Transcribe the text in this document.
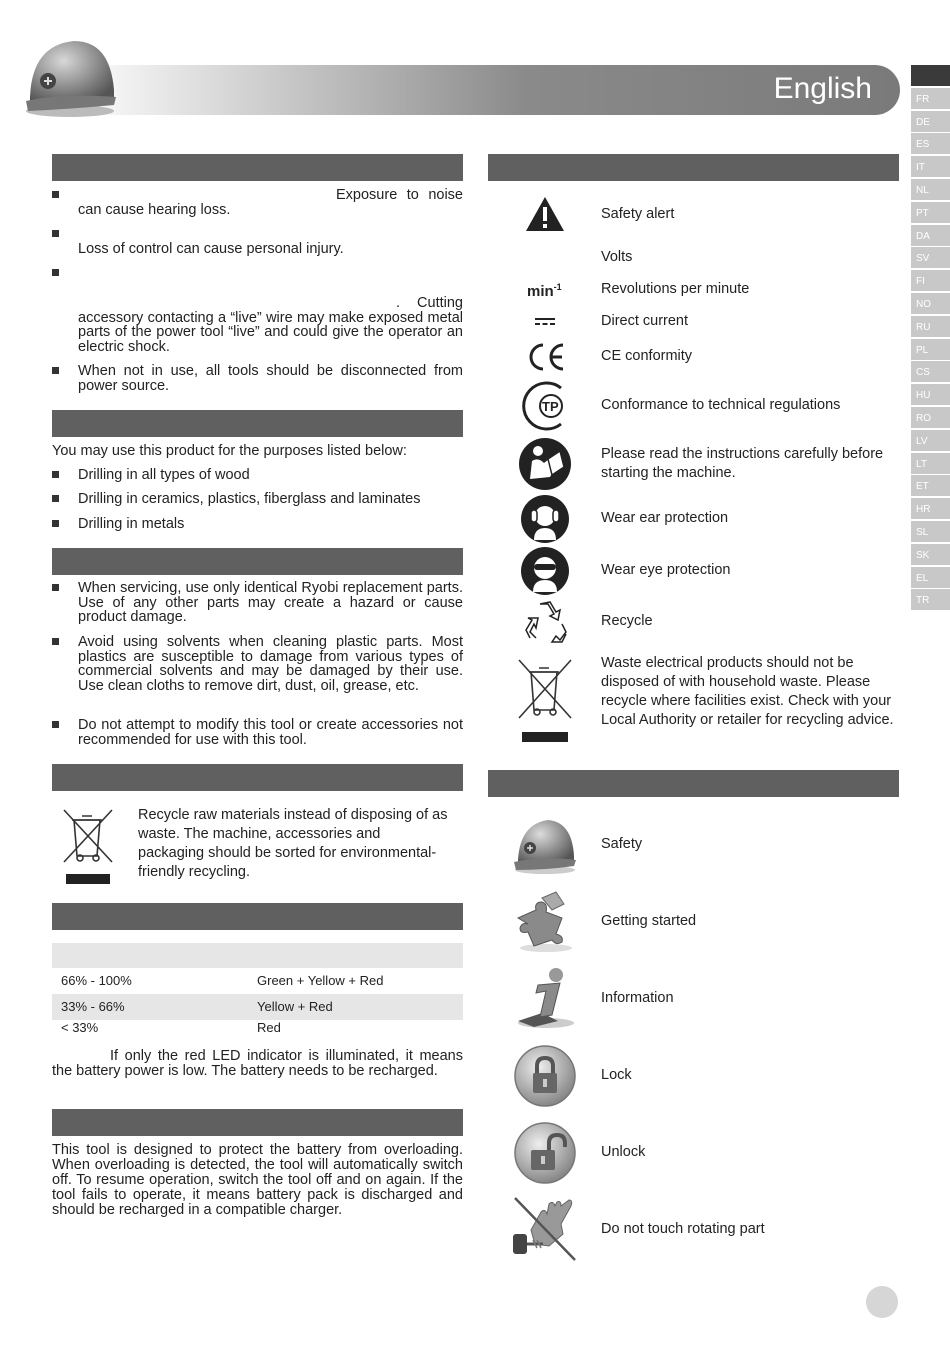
English	FR
DE
ES
IT
NL
PT
DA
SV
FI
NO
RU
PL
CS
HU
RO
LV
LT
ET
HR
SL
SK
EL
TR
Exposure to noise can cause hearing loss.
Loss of control can cause personal injury.
. Cutting accessory contacting a “live” wire may make exposed metal parts of the power tool “live” and could give the operator an electric shock.
When not in use, all tools should be disconnected from power source.
You may use this product for the purposes listed below:
Drilling in all types of wood
Drilling in ceramics, plastics, fiberglass and laminates
Drilling in metals
When servicing, use only identical Ryobi replacement parts. Use of any other parts may create a hazard or cause product damage.
Avoid using solvents when cleaning plastic parts. Most plastics are susceptible to damage from various types of commercial solvents and may be damaged by their use. Use clean cloths to remove dirt, dust, oil, grease, etc.
Do not attempt to modify this tool or create accessories not recommended for use with this tool.
Recycle raw materials instead of disposing of as waste. The machine, accessories and packaging should be sorted for environmental-friendly recycling.
66% - 100%	Green + Yellow + Red
33% - 66%	Yellow + Red
< 33%	Red
If only the red LED indicator is illuminated, it means the battery power is low. The battery needs to be recharged.
This tool is designed to protect the battery from overloading. When overloading is detected, the tool will automatically switch off. To resume operation, switch the tool off and on again. If the tool fails to operate, it means battery pack is discharged and should be recharged in a compatible charger.
Safety alert
Volts
$\min^{-1}$	Revolutions per minute
Direct current
CE conformity
TP	Conformance to technical regulations
Please read the instructions carefully before starting the machine.
Wear ear protection
Wear eye protection
Recycle
Waste electrical products should not be disposed of with household waste. Please recycle where facilities exist. Check with your Local Authority or retailer for recycling advice.
Safety
Getting started
Information
Lock
Unlock
Do not touch rotating part
